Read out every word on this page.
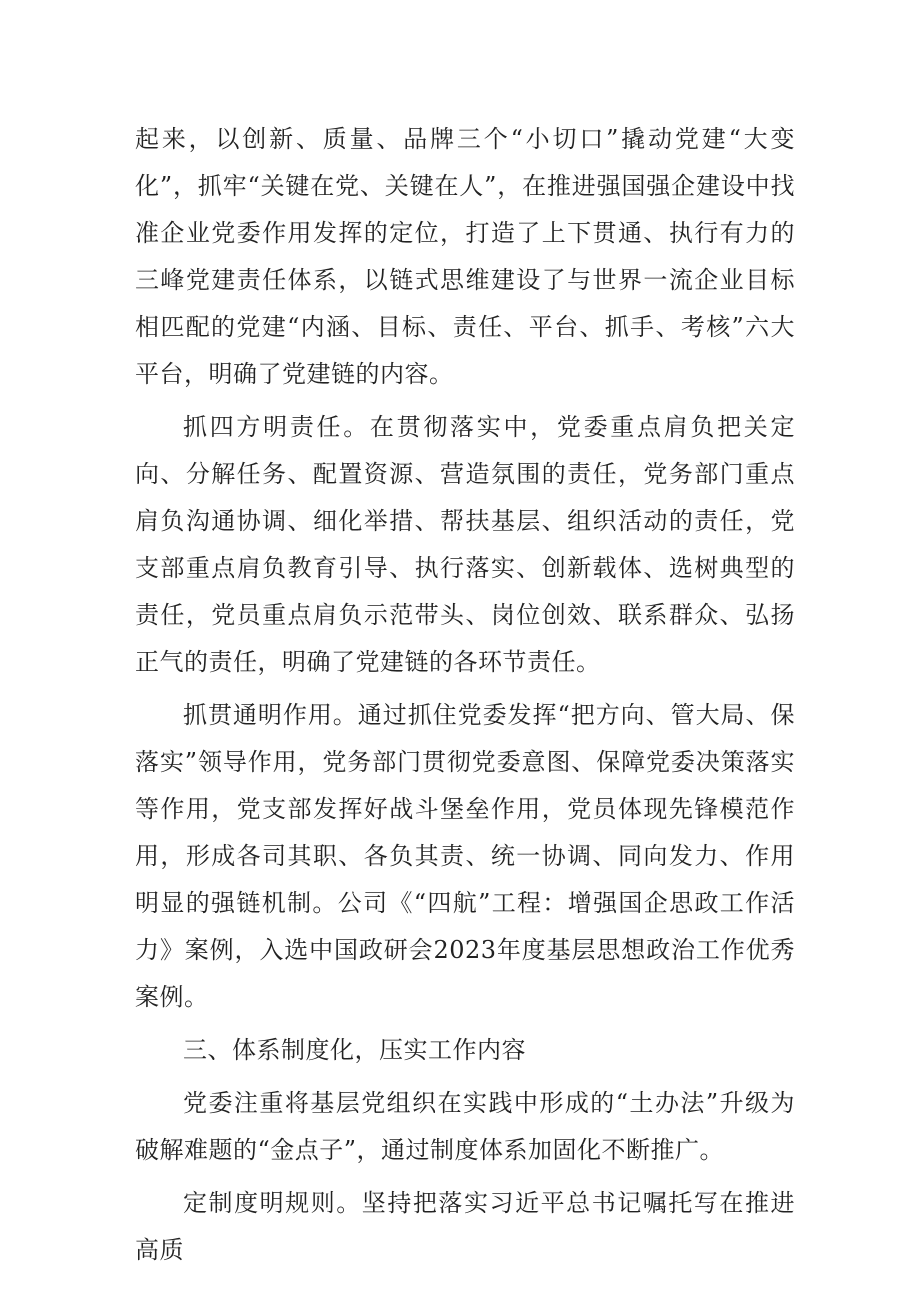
起来，以创新、质量、品牌三个“小切口”撬动党建“大变化”，抓牢“关键在党、关键在人”，在推进强国强企建设中找准企业党委作用发挥的定位，打造了上下贯通、执行有力的三峰党建责任体系，以链式思维建设了与世界一流企业目标相匹配的党建“内涵、目标、责任、平台、抓手、考核”六大平台，明确了党建链的内容。

抓四方明责任。在贯彻落实中，党委重点肩负把关定向、分解任务、配置资源、营造氛围的责任，党务部门重点肩负沟通协调、细化举措、帮扶基层、组织活动的责任，党支部重点肩负教育引导、执行落实、创新载体、选树典型的责任，党员重点肩负示范带头、岗位创效、联系群众、弘扬正气的责任，明确了党建链的各环节责任。

抓贯通明作用。通过抓住党委发挥“把方向、管大局、保落实”领导作用，党务部门贯彻党委意图、保障党委决策落实等作用，党支部发挥好战斗堡垒作用，党员体现先锋模范作用，形成各司其职、各负其责、统一协调、同向发力、作用明显的强链机制。公司《“四航”工程：增强国企思政工作活力》案例，入选中国政研会2023年度基层思想政治工作优秀案例。

三、体系制度化，压实工作内容

党委注重将基层党组织在实践中形成的“土办法”升级为破解难题的“金点子”，通过制度体系加固化不断推广。

定制度明规则。坚持把落实习近平总书记嘱托写在推进高质
